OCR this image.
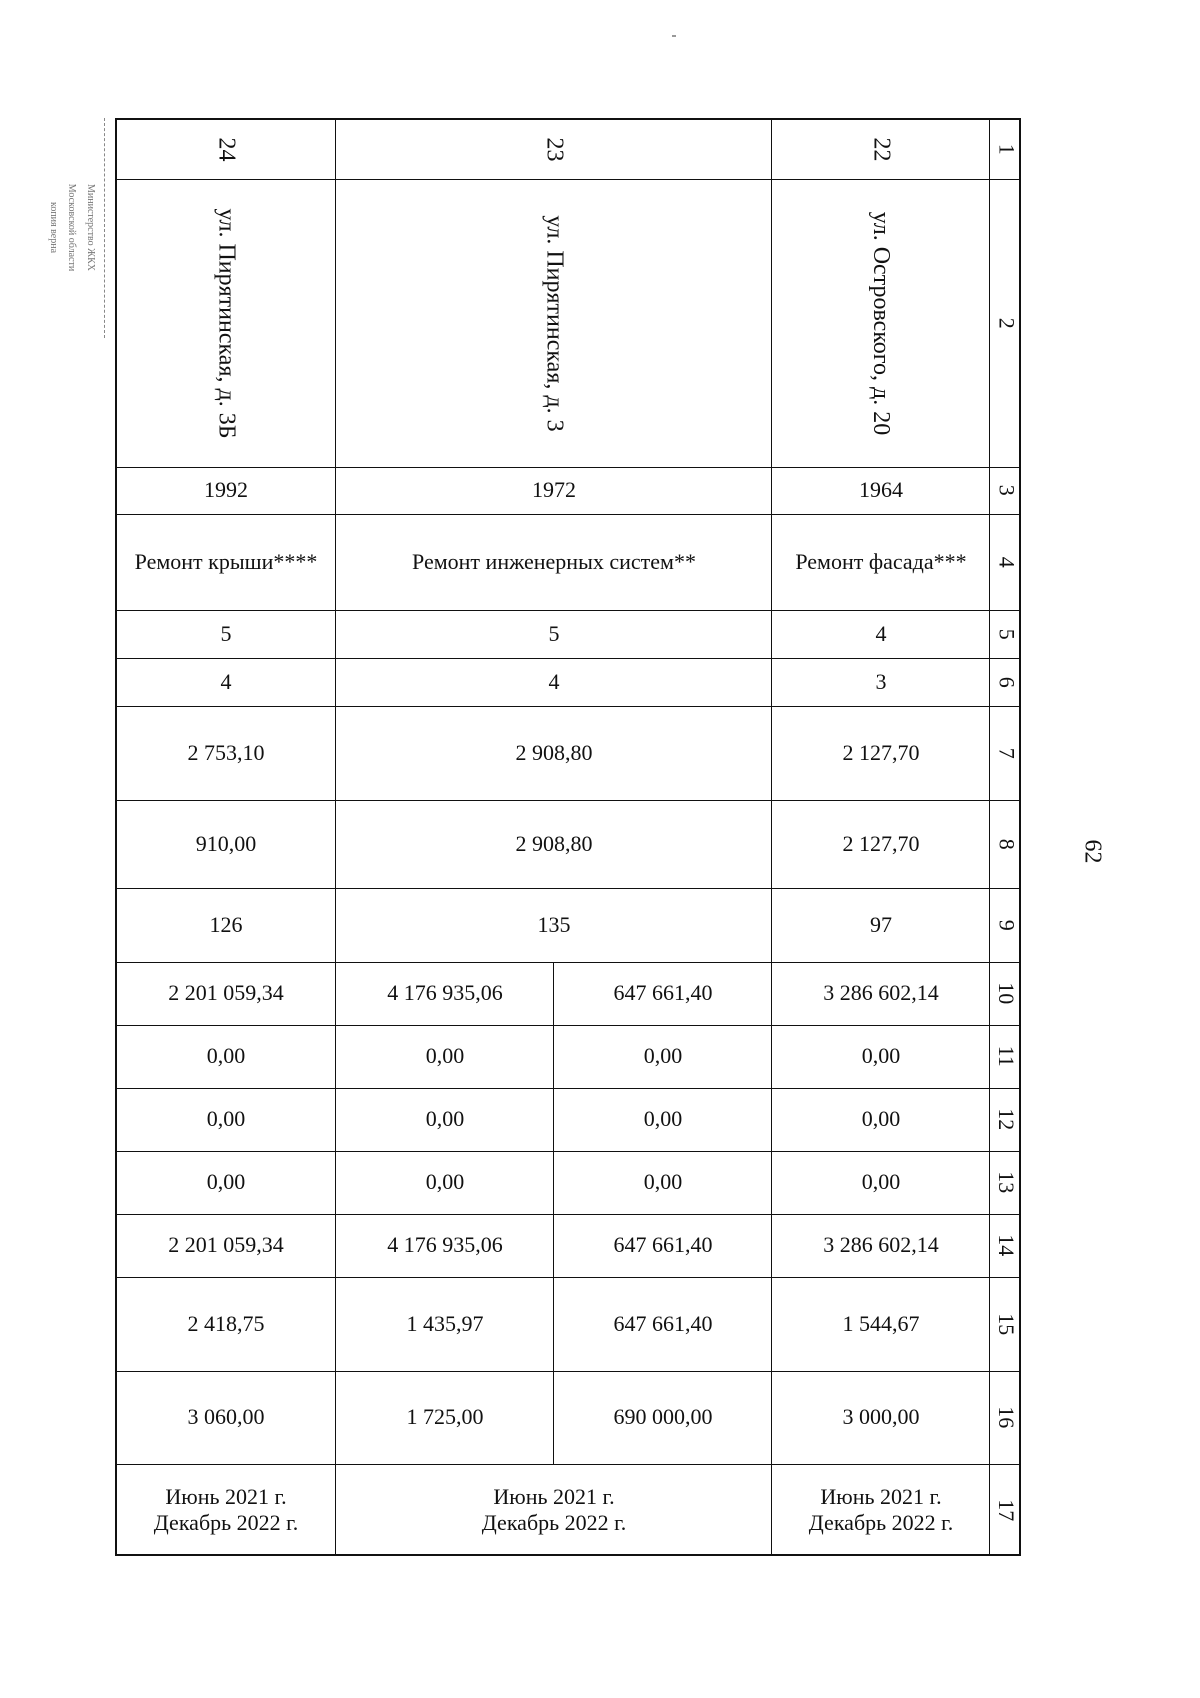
Министерство ЖКХ
Московской области
копия верна
62
1
2
3
4
5
6
7
8
9
10
11
12
13
14
15
16
17
22
ул. Островского, д. 20
1964
Ремонт фасада***
4
3
2 127,70
2 127,70
97
3 286 602,14
0,00
0,00
0,00
3 286 602,14
1 544,67
3 000,00
Июнь 2021 г.
Декабрь 2022 г.
23
ул. Пирятинская, д. 3
1972
Ремонт инженерных систем**
5
4
2 908,80
2 908,80
135
647 661,40
4 176 935,06
0,00
0,00
0,00
0,00
0,00
0,00
647 661,40
4 176 935,06
647 661,40
1 435,97
690 000,00
1 725,00
Июнь 2021 г.
Декабрь 2022 г.
24
ул. Пирятинская, д. 3Б
1992
Ремонт крыши****
5
4
2 753,10
910,00
126
2 201 059,34
0,00
0,00
0,00
2 201 059,34
2 418,75
3 060,00
Июнь 2021 г.
Декабрь 2022 г.
